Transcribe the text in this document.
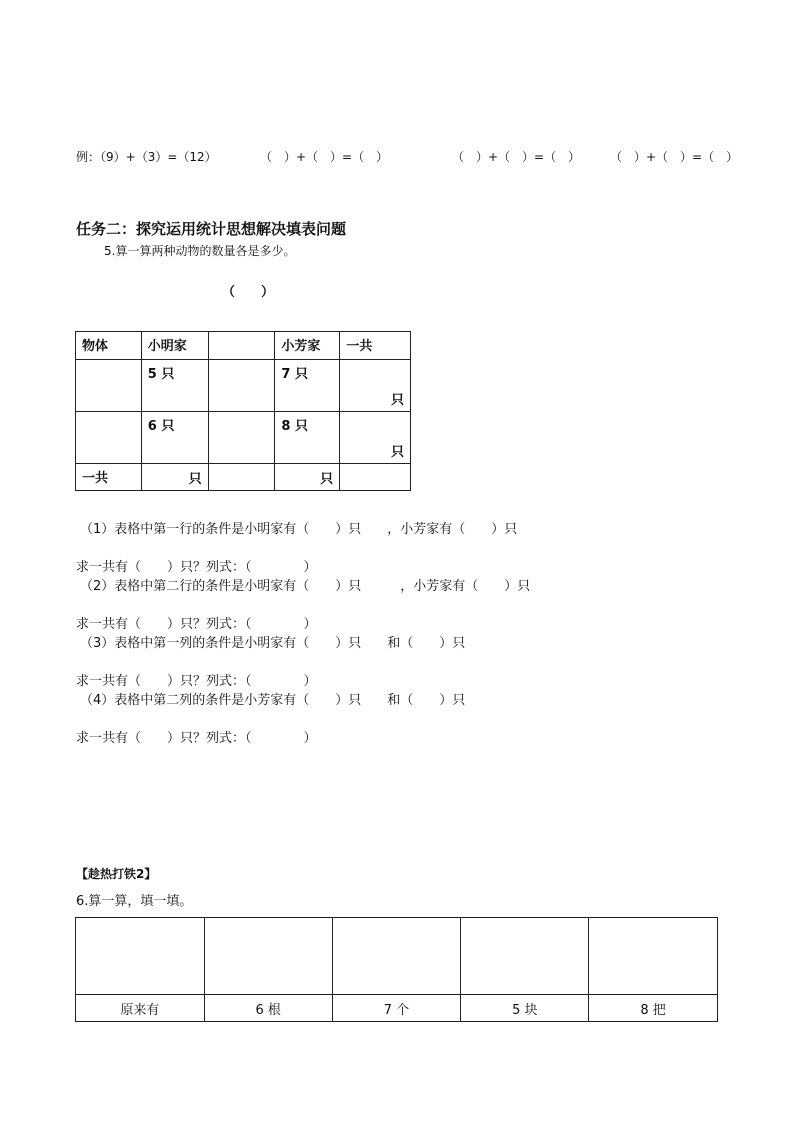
例：（9）+（3）=（12）	（　）+（　）=（　）	（　）+（　）=（　） （　）+（　）=（　）
任务二：探究运用统计思想解决填表问题
5.算一算两种动物的数量各是多少。
（　　）
物体	小明家		小芳家	一共

	5 只		7 只	只

	6 只		8 只	只

一共	只		只	

（1）表格中第一行的条件是小明家有（　　）只　　，小芳家有（　　）只
求一共有（　　）只？列式：（　　　　）
（2）表格中第二行的条件是小明家有（　　）只　　　，小芳家有（　　）只
求一共有（　　）只？列式：（　　　　）
（3）表格中第一列的条件是小明家有（　　）只　　和（　　）只
求一共有（　　）只？列式：（　　　　）
（4）表格中第二列的条件是小芳家有（　　）只　　和（　　）只
求一共有（　　）只？列式：（　　　　）
【趁热打铁2】
6.算一算，填一填。

原来有	6 根	7 个	5 块	8 把
